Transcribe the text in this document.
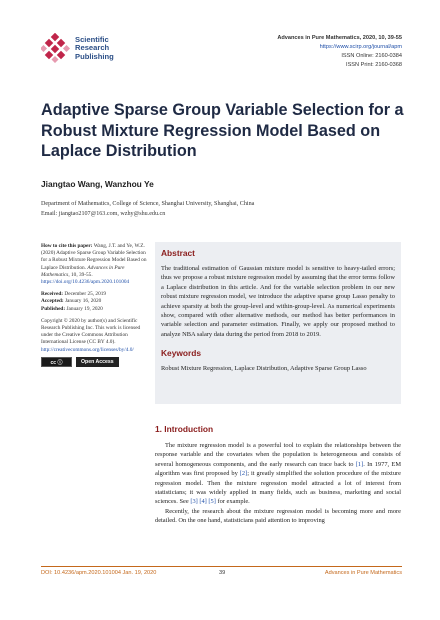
Scientific
Research
Publishing
Advances in Pure Mathematics, 2020, 10, 39-55
https://www.scirp.org/journal/apm
ISSN Online: 2160-0384
ISSN Print: 2160-0368
Adaptive Sparse Group Variable Selection for a Robust Mixture Regression Model Based on Laplace Distribution
Jiangtao Wang, Wanzhou Ye
Department of Mathematics, College of Science, Shanghai University, Shanghai, China
Email: jiangtao2107@163.com, wzhy@shu.edu.cn
How to cite this paper: Wang, J.T. and Ye, W.Z. (2020) Adaptive Sparse Group Variable Selection for a Robust Mixture Regression Model Based on Laplace Distribution. Advances in Pure Mathematics, 10, 39-55.
https://doi.org/10.4236/apm.2020.101004
Received: December 25, 2019
Accepted: January 16, 2020
Published: January 19, 2020
Copyright © 2020 by author(s) and Scientific Research Publishing Inc. This work is licensed under the Creative Commons Attribution International License (CC BY 4.0).
http://creativecommons.org/licenses/by/4.0/
cc ⓘ	Open Access
Abstract

The traditional estimation of Gaussian mixture model is sensitive to heavy-tailed errors; thus we propose a robust mixture regression model by assuming that the error terms follow a Laplace distribution in this article. And for the variable selection problem in our new robust mixture regression model, we introduce the adaptive sparse group Lasso penalty to achieve sparsity at both the group-level and within-group-level. As numerical experiments show, compared with other alternative methods, our method has better performances in variable selection and parameter estimation. Finally, we apply our proposed method to analyze NBA salary data during the period from 2018 to 2019.

Keywords

Robust Mixture Regression, Laplace Distribution, Adaptive Sparse Group Lasso

1. Introduction

The mixture regression model is a powerful tool to explain the relationships between the response variable and the covariates when the population is heterogeneous and consists of several homogeneous components, and the early research can trace back to [1]. In 1977, EM algorithm was first proposed by [2]; it greatly simplified the solution procedure of the mixture regression model. Then the mixture regression model attracted a lot of interest from statisticians; it was widely applied in many fields, such as business, marketing and social sciences. See [3] [4] [5] for example.

Recently, the research about the mixture regression model is becoming more and more detailed. On the one hand, statisticians paid attention to improving

DOI: 10.4236/apm.2020.101004 Jan. 19, 2020	39	Advances in Pure Mathematics
